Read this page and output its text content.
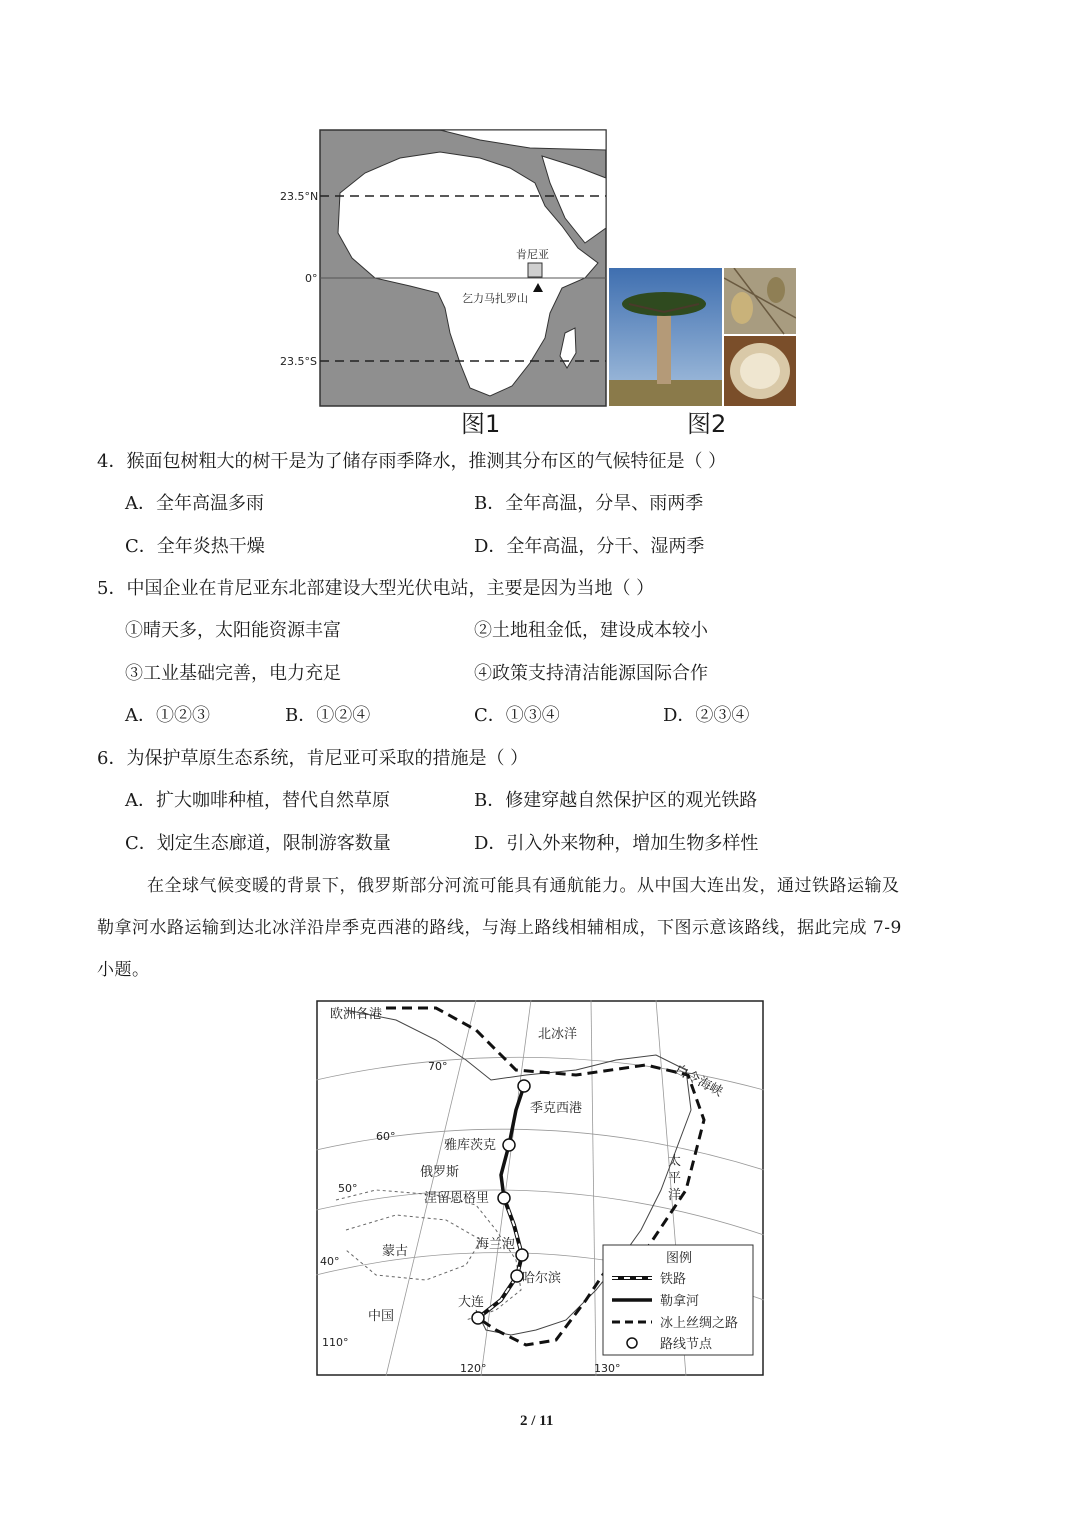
23.5°N
0°
23.5°S
肯尼亚
乞力马扎罗山
图1	图2
4．猴面包树粗大的树干是为了储存雨季降水，推测其分布区的气候特征是（ ）
A．全年高温多雨	B．全年高温，分旱、雨两季
C．全年炎热干燥	D．全年高温，分干、湿两季
5．中国企业在肯尼亚东北部建设大型光伏电站，主要是因为当地（ ）
①晴天多，太阳能资源丰富	②土地租金低，建设成本较小
③工业基础完善，电力充足	④政策支持清洁能源国际合作
A．①②③	B．①②④	C．①③④	D．②③④
6．为保护草原生态系统，肯尼亚可采取的措施是（ ）
A．扩大咖啡种植，替代自然草原	B．修建穿越自然保护区的观光铁路
C．划定生态廊道，限制游客数量	D．引入外来物种，增加生物多样性
在全球气候变暖的背景下，俄罗斯部分河流可能具有通航能力。从中国大连出发，通过铁路运输及
勒拿河水路运输到达北冰洋沿岸季克西港的路线，与海上路线相辅相成，下图示意该路线，据此完成 7-9
小题。
欧洲各港
北冰洋
白令海峡
太
平
洋
俄罗斯
蒙古
中国
70°
60°
50°
40°
110°
120°	130°
季克西港
雅库茨克
涅留恩格里
海兰泡
哈尔滨
大连
图例
铁路
勒拿河
冰上丝绸之路
路线节点
2 / 11
